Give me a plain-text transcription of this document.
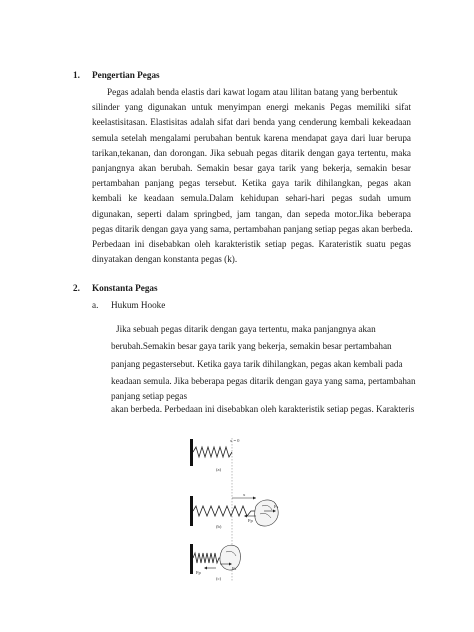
1. Pengertian Pegas
Pegas adalah benda elastis dari kawat logam atau lilitan batang yang berbentuk
silinder yang digunakan untuk menyimpan energi mekanis Pegas memiliki sifat
keelastisitasan. Elastisitas adalah sifat dari benda yang cenderung kembali kekeadaan
semula setelah mengalami perubahan bentuk karena mendapat gaya dari luar berupa
tarikan,tekanan, dan dorongan. Jika sebuah pegas ditarik dengan gaya tertentu, maka
panjangnya akan berubah. Semakin besar gaya tarik yang bekerja, semakin besar
pertambahan panjang pegas tersebut. Ketika gaya tarik dihilangkan, pegas akan
kembali ke keadaan semula.Dalam kehidupan sehari-hari pegas sudah umum
digunakan, seperti dalam springbed, jam tangan, dan sepeda motor.Jika beberapa
pegas ditarik dengan gaya yang sama, pertambahan panjang setiap pegas akan berbeda.
Perbedaan ini disebabkan oleh karakteristik setiap pegas. Karateristik suatu pegas
dinyatakan dengan konstanta pegas (k).
2. Konstanta Pegas
a. Hukum Hooke
Jika sebuah pegas ditarik dengan gaya tertentu, maka panjangnya akan
berubah.Semakin besar gaya tarik yang bekerja, semakin besar pertambahan
panjang pegastersebut. Ketika gaya tarik dihilangkan, pegas akan kembali pada
keadaan semula. Jika beberapa pegas ditarik dengan gaya yang sama, pertambahan
panjang setiap pegas
akan berbeda. Perbedaan ini disebabkan oleh karakteristik setiap pegas. Karakteris
x = 0
(a)
x
Fp
Fs
(b)
Fp
Fs
(c)
